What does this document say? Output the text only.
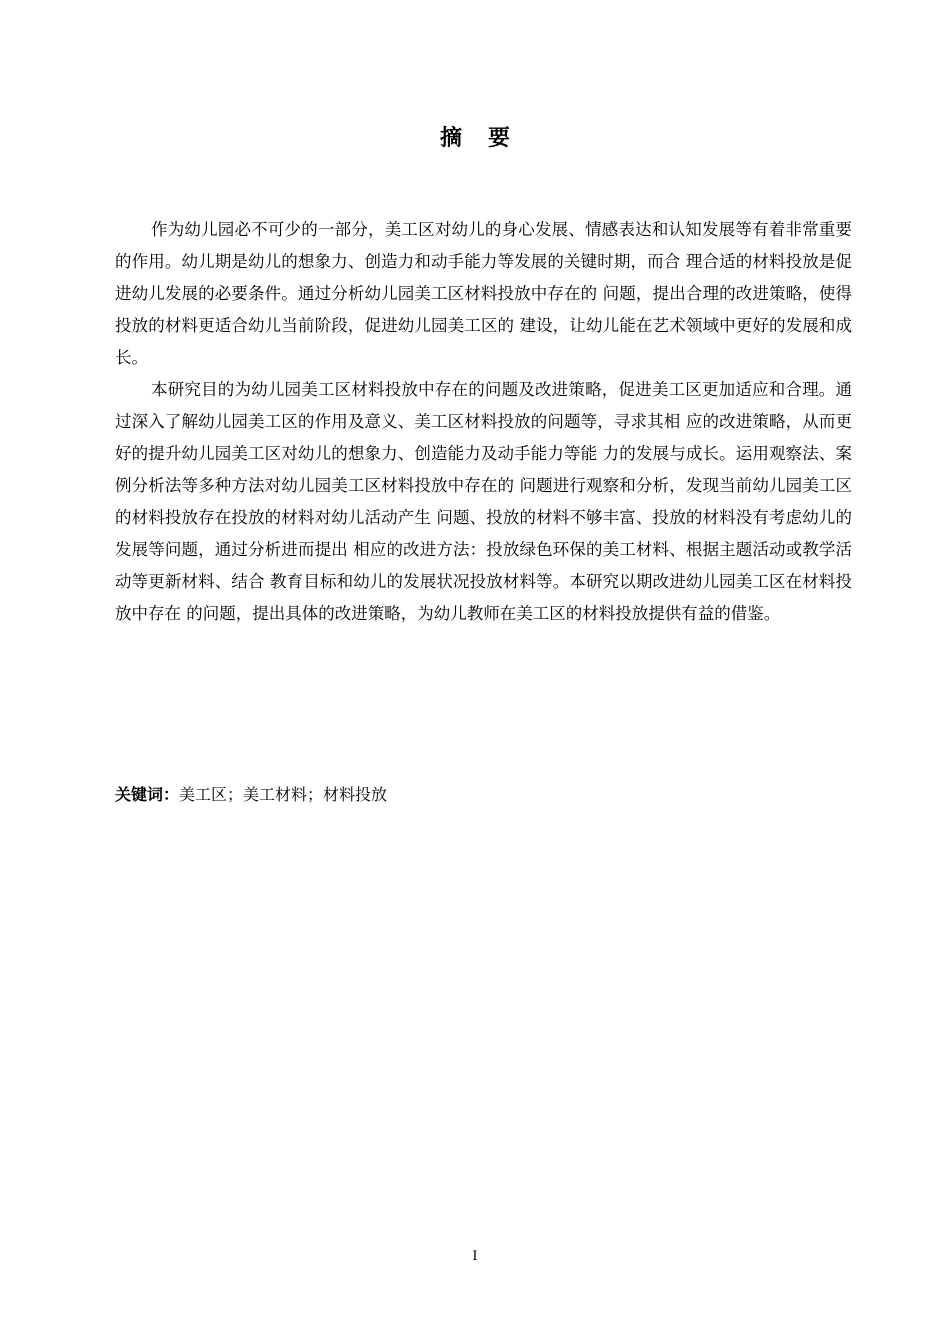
摘要

作为幼儿园必不可少的一部分，美工区对幼儿的身心发展、情感表达和认知发展等有着非常重要的作用。幼儿期是幼儿的想象力、创造力和动手能力等发展的关键时期，而合 理合适的材料投放是促进幼儿发展的必要条件。通过分析幼儿园美工区材料投放中存在的 问题，提出合理的改进策略，使得投放的材料更适合幼儿当前阶段，促进幼儿园美工区的 建设，让幼儿能在艺术领域中更好的发展和成长。

本研究目的为幼儿园美工区材料投放中存在的问题及改进策略，促进美工区更加适应和合理。通过深入了解幼儿园美工区的作用及意义、美工区材料投放的问题等，寻求其相 应的改进策略，从而更好的提升幼儿园美工区对幼儿的想象力、创造能力及动手能力等能 力的发展与成长。运用观察法、案例分析法等多种方法对幼儿园美工区材料投放中存在的 问题进行观察和分析，发现当前幼儿园美工区的材料投放存在投放的材料对幼儿活动产生 问题、投放的材料不够丰富、投放的材料没有考虑幼儿的发展等问题，通过分析进而提出 相应的改进方法：投放绿色环保的美工材料、根据主题活动或教学活动等更新材料、结合 教育目标和幼儿的发展状况投放材料等。本研究以期改进幼儿园美工区在材料投放中存在 的问题，提出具体的改进策略，为幼儿教师在美工区的材料投放提供有益的借鉴。

关键词：美工区；美工材料；材料投放
I
